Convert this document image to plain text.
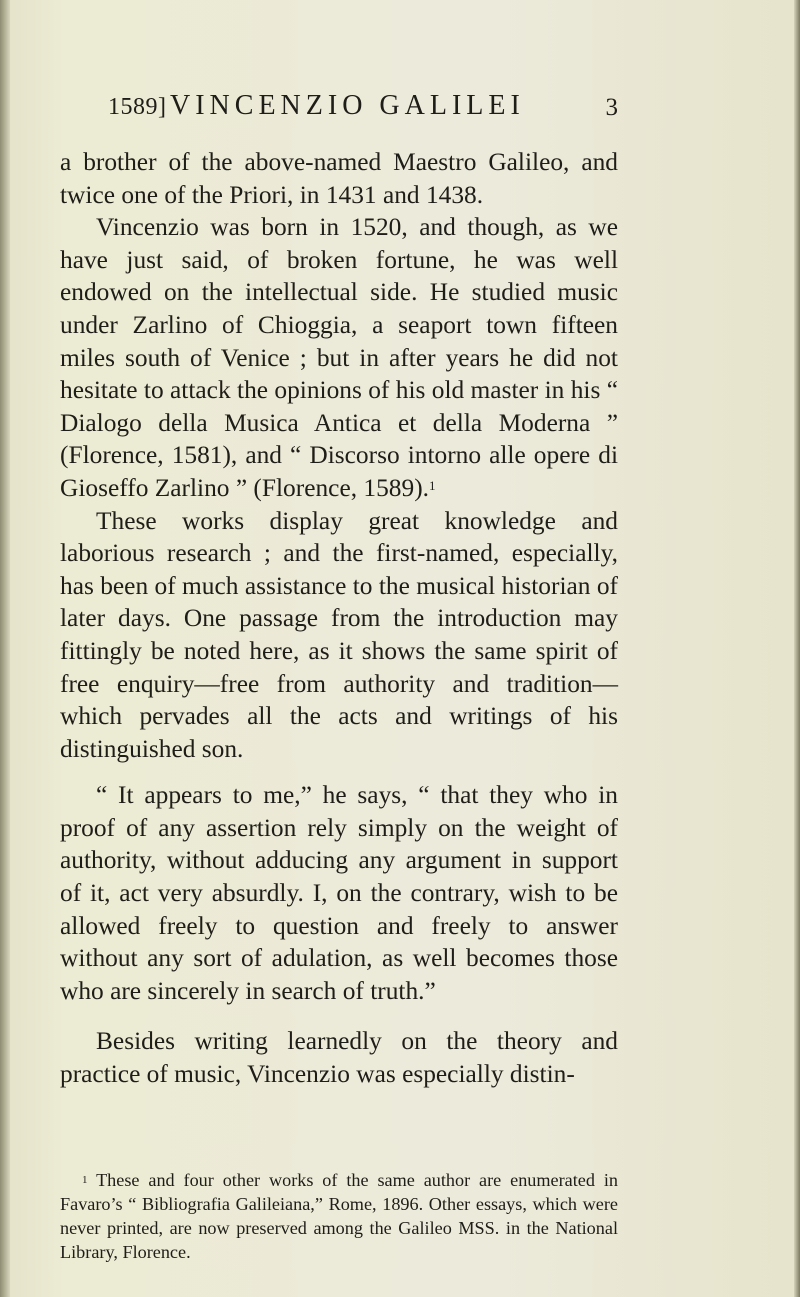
1589] VINCENZIO GALILEI	3

a brother of the above-named Maestro Galileo, and twice one of the Priori, in 1431 and 1438.

Vincenzio was born in 1520, and though, as we have just said, of broken fortune, he was well endowed on the intellectual side. He studied music under Zarlino of Chioggia, a seaport town fifteen miles south of Venice ; but in after years he did not hesitate to attack the opinions of his old master in his “ Dialogo della Musica Antica et della Moderna ” (Florence, 1581), and “ Discorso intorno alle opere di Gioseffo Zarlino ” (Florence, 1589).$^1$

These works display great knowledge and laborious research ; and the first-named, especially, has been of much assistance to the musical historian of later days. One passage from the introduction may fittingly be noted here, as it shows the same spirit of free enquiry—free from authority and tradition—which pervades all the acts and writings of his distinguished son.

“ It appears to me,” he says, “ that they who in proof of any assertion rely simply on the weight of authority, without adducing any argument in support of it, act very absurdly. I, on the contrary, wish to be allowed freely to question and freely to answer without any sort of adulation, as well becomes those who are sincerely in search of truth.”

Besides writing learnedly on the theory and practice of music, Vincenzio was especially distin-

$^1$ These and four other works of the same author are enumerated in Favaro’s “ Bibliografia Galileiana,” Rome, 1896. Other essays, which were never printed, are now preserved among the Galileo MSS. in the National Library, Florence.
